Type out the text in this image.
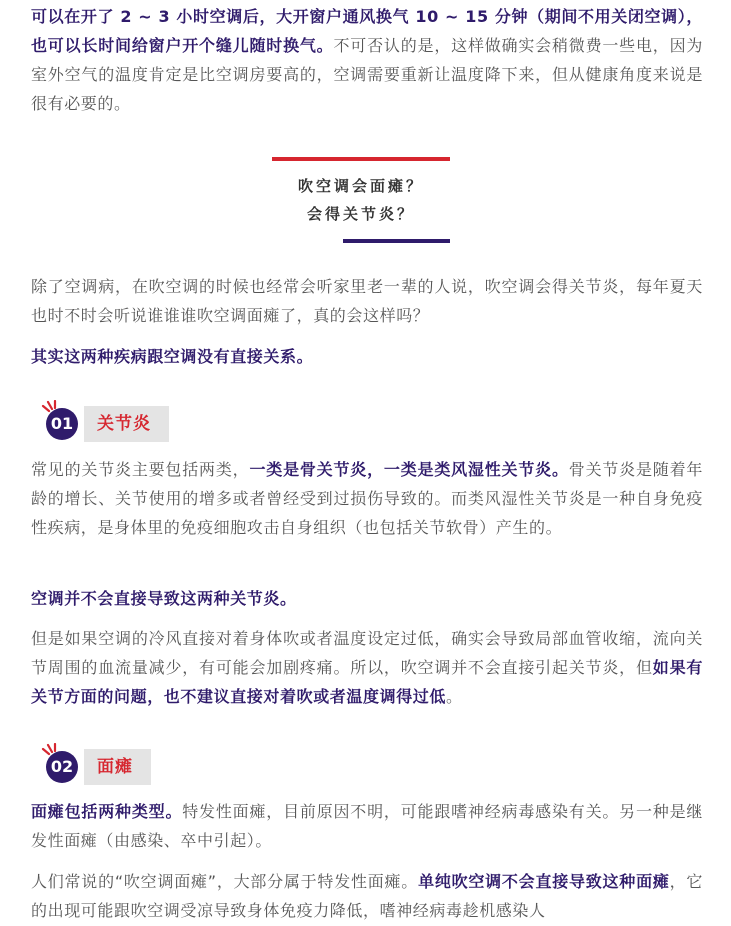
可以在开了 2 ~ 3 小时空调后，大开窗户通风换气 10 ~ 15 分钟（期间不用关闭空调），也可以长时间给窗户开个缝儿随时换气。不可否认的是，这样做确实会稍微费一些电，因为室外空气的温度肯定是比空调房要高的，空调需要重新让温度降下来，但从健康角度来说是很有必要的。

吹空调会面瘫？
会得关节炎？

除了空调病，在吹空调的时候也经常会听家里老一辈的人说，吹空调会得关节炎，每年夏天也时不时会听说谁谁谁吹空调面瘫了，真的会这样吗？

其实这两种疾病跟空调没有直接关系。

01	关节炎

常见的关节炎主要包括两类，一类是骨关节炎，一类是类风湿性关节炎。骨关节炎是随着年龄的增长、关节使用的增多或者曾经受到过损伤导致的。而类风湿性关节炎是一种自身免疫性疾病，是身体里的免疫细胞攻击自身组织（也包括关节软骨）产生的。

空调并不会直接导致这两种关节炎。

但是如果空调的冷风直接对着身体吹或者温度设定过低，确实会导致局部血管收缩，流向关节周围的血流量减少，有可能会加剧疼痛。所以，吹空调并不会直接引起关节炎，但如果有关节方面的问题，也不建议直接对着吹或者温度调得过低。

02	面瘫

面瘫包括两种类型。特发性面瘫，目前原因不明，可能跟嗜神经病毒感染有关。另一种是继发性面瘫（由感染、卒中引起）。

人们常说的“吹空调面瘫”，大部分属于特发性面瘫。单纯吹空调不会直接导致这种面瘫，它的出现可能跟吹空调受凉导致身体免疫力降低，嗜神经病毒趁机感染人
